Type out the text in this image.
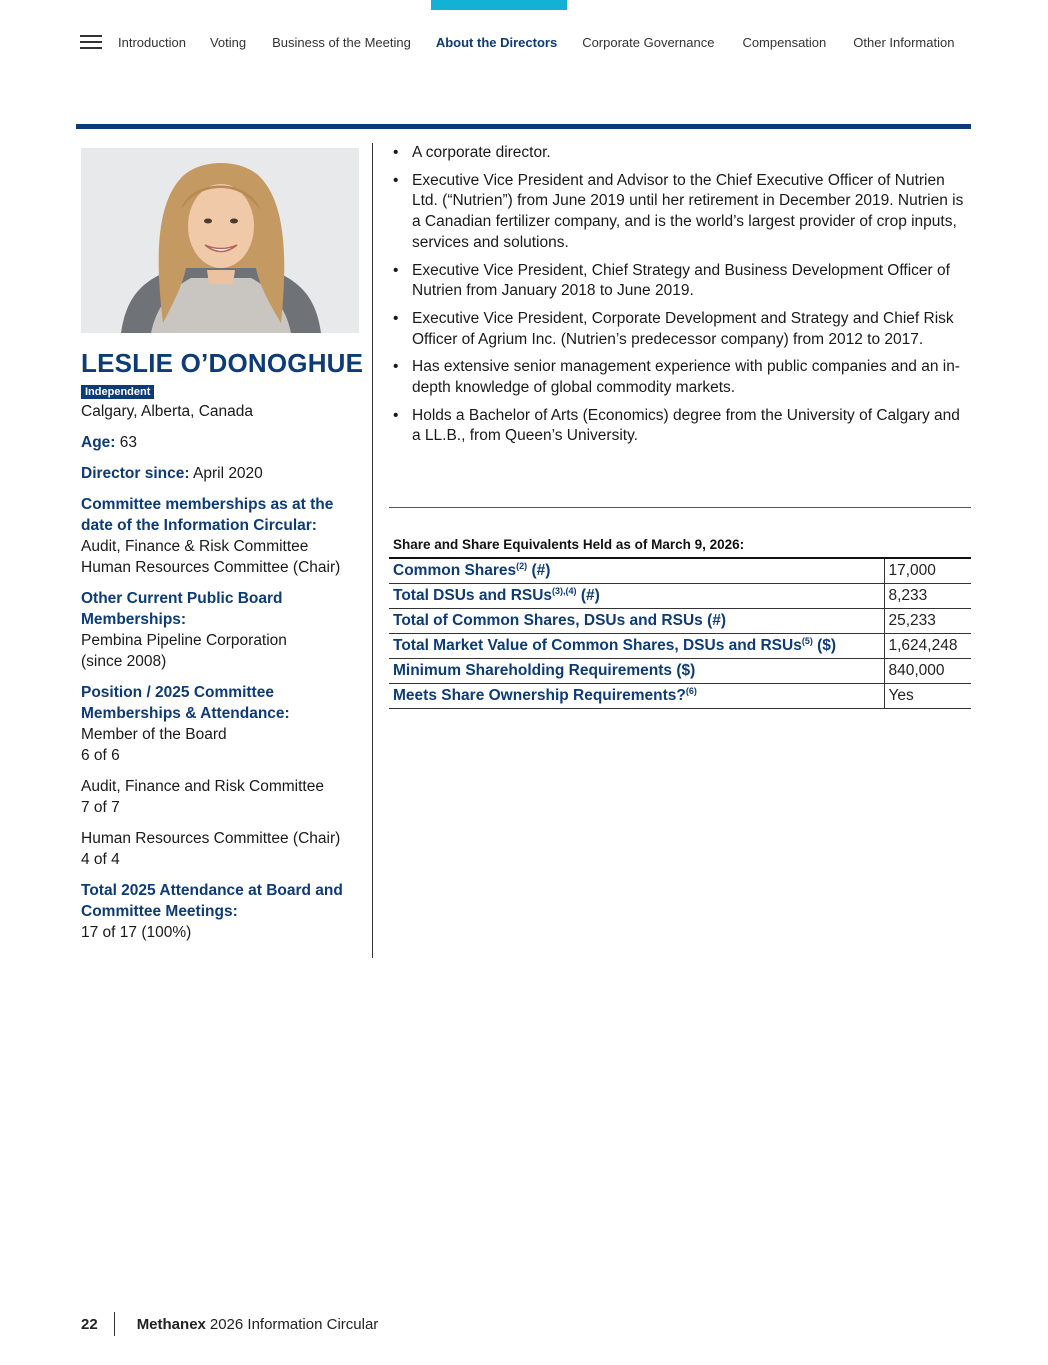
Introduction Voting Business of the Meeting About the Directors Corporate Governance Compensation Other Information
LESLIE O’DONOGHUE
Independent
Calgary, Alberta, Canada
Age: 63
Director since: April 2020
Committee memberships as at the date of the Information Circular:
Audit, Finance & Risk Committee
Human Resources Committee (Chair)
Other Current Public Board Memberships:
Pembina Pipeline Corporation
(since 2008)
Position / 2025 Committee Memberships & Attendance:
Member of the Board
6 of 6
Audit, Finance and Risk Committee
7 of 7
Human Resources Committee (Chair)
4 of 4
Total 2025 Attendance at Board and Committee Meetings:
17 of 17 (100%)
• A corporate director.
• Executive Vice President and Advisor to the Chief Executive Officer of Nutrien Ltd. (“Nutrien”) from June 2019 until her retirement in December 2019. Nutrien is a Canadian fertilizer company, and is the world’s largest provider of crop inputs, services and solutions.
• Executive Vice President, Chief Strategy and Business Development Officer of Nutrien from January 2018 to June 2019.
• Executive Vice President, Corporate Development and Strategy and Chief Risk Officer of Agrium Inc. (Nutrien’s predecessor company) from 2012 to 2017.
• Has extensive senior management experience with public companies and an in-depth knowledge of global commodity markets.
• Holds a Bachelor of Arts (Economics) degree from the University of Calgary and a LL.B., from Queen’s University.
Share and Share Equivalents Held as of March 9, 2026:
Common Shares$^{(2)}$ (#)	17,000
Total DSUs and RSUs$^{(3),(4)}$ (#)	8,233
Total of Common Shares, DSUs and RSUs (#)	25,233
Total Market Value of Common Shares, DSUs and RSUs$^{(5)}$ ($)	1,624,248
Minimum Shareholding Requirements ($)	840,000
Meets Share Ownership Requirements?$^{(6)}$	Yes
22	Methanex 2026 Information Circular
